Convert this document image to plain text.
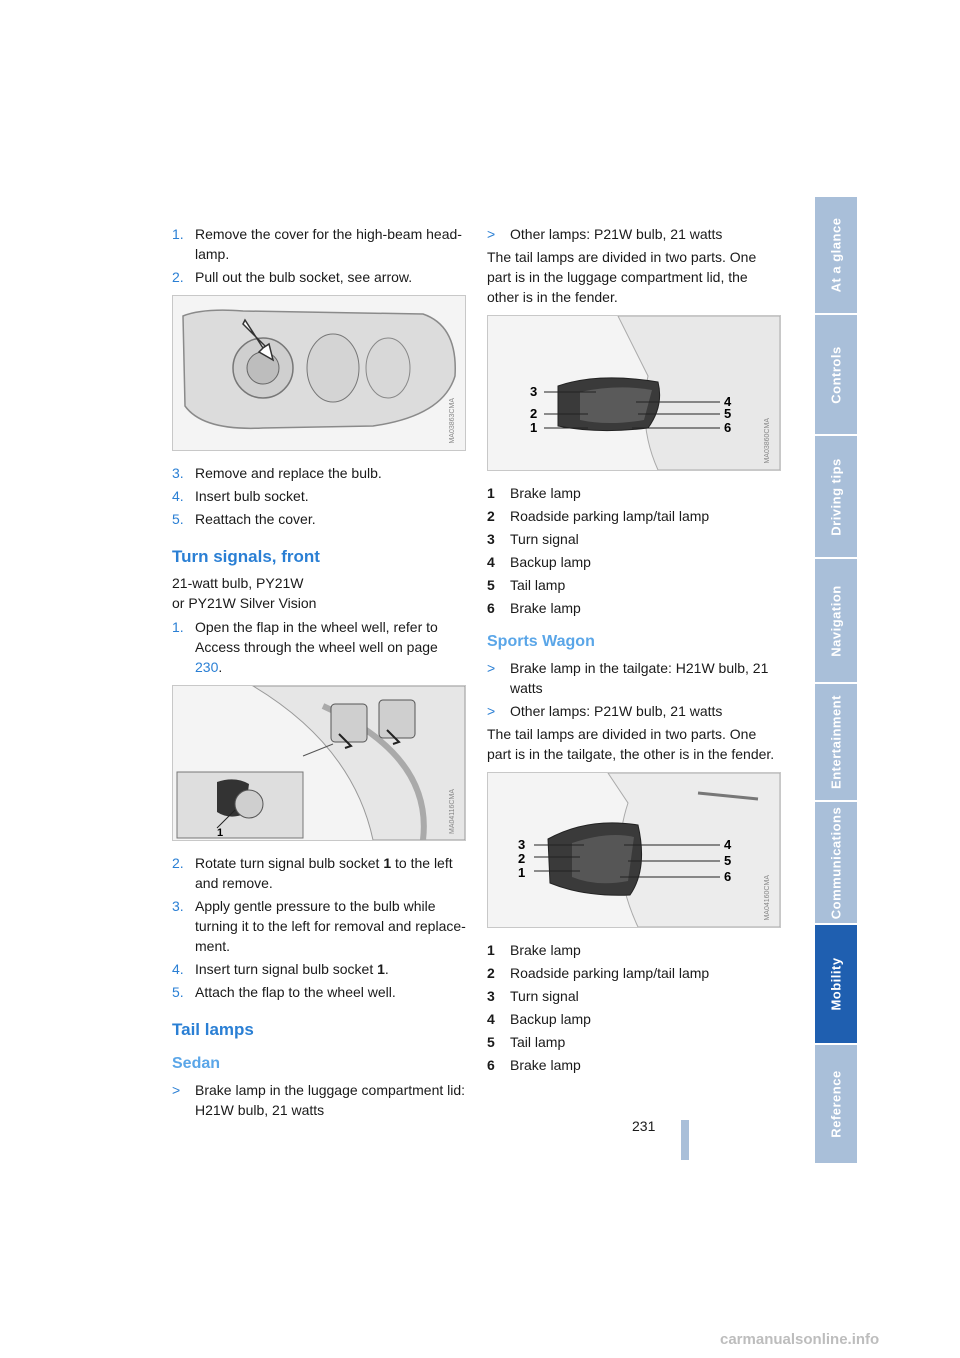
1. Remove the cover for the high-beam head-lamp.
2. Pull out the bulb socket, see arrow.
MA03863CMA
3. Remove and replace the bulb.
4. Insert bulb socket.
5. Reattach the cover.
Turn signals, front

21-watt bulb, PY21W

or PY21W Silver Vision

1. Open the flap in the wheel well, refer to Access through the wheel well on page 230.
1	MA04116CMA
2. Rotate turn signal bulb socket 1 to the left and remove.
3. Apply gentle pressure to the bulb while turning it to the left for removal and replace-ment.
4. Insert turn signal bulb socket 1.
5. Attach the flap to the wheel well.
Tail lamps
Sedan
>	Brake lamp in the luggage compartment lid: H21W bulb, 21 watts
>	Other lamps: P21W bulb, 21 watts

The tail lamps are divided in two parts. One part is in the luggage compartment lid, the other is in the fender.

3
2
1
4
5
6	MA03860CMA
1	Brake lamp
2	Roadside parking lamp/tail lamp
3	Turn signal
4	Backup lamp
5	Tail lamp
6	Brake lamp
Sports Wagon
>	Brake lamp in the tailgate: H21W bulb, 21 watts
>	Other lamps: P21W bulb, 21 watts

The tail lamps are divided in two parts. One part is in the tailgate, the other is in the fender.

3
2
1
4
5
6	MA04160CMA
1	Brake lamp
2	Roadside parking lamp/tail lamp
3	Turn signal
4	Backup lamp
5	Tail lamp
6	Brake lamp
At a glance
Controls
Driving tips
Navigation
Entertainment
Communications
Mobility
Reference
231
carmanualsonline.info
